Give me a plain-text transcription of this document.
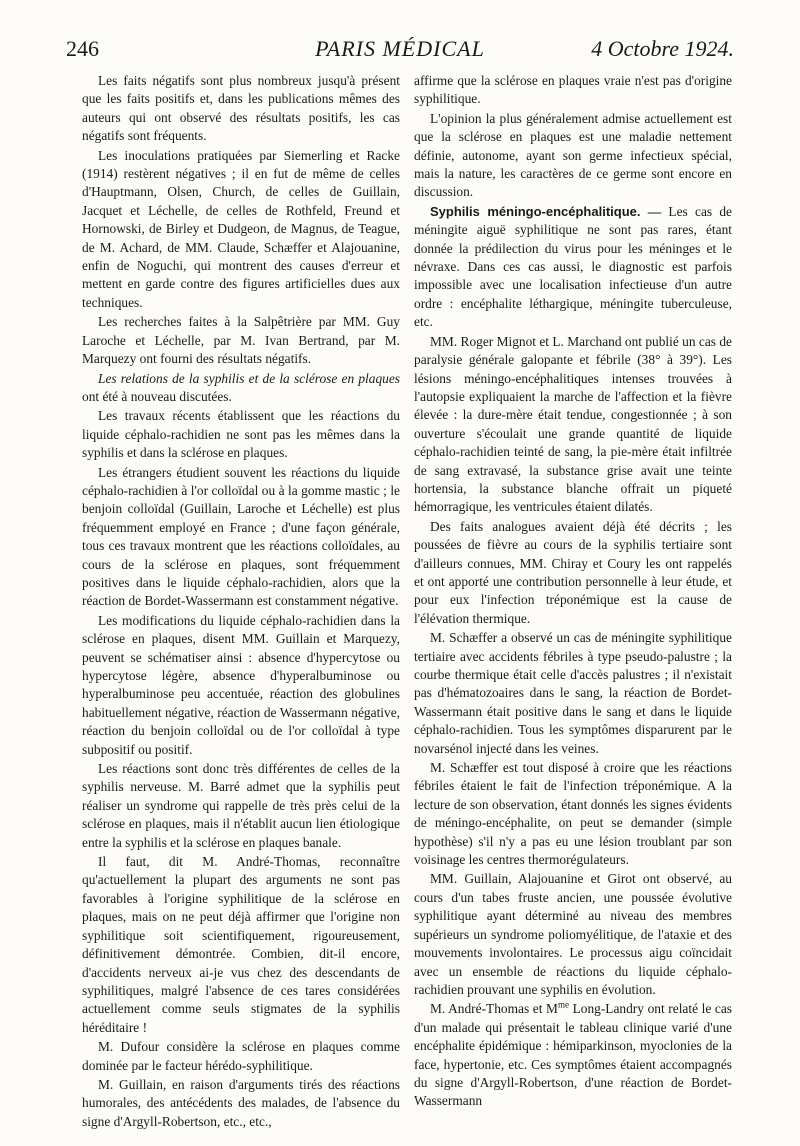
246	PARIS MÉDICAL	4 Octobre 1924.

Les faits négatifs sont plus nombreux jusqu'à présent que les faits positifs et, dans les publications mêmes des auteurs qui ont observé des résultats positifs, les cas négatifs sont fréquents.

Les inoculations pratiquées par Siemerling et Racke (1914) restèrent négatives ; il en fut de même de celles d'Hauptmann, Olsen, Church, de celles de Guillain, Jacquet et Léchelle, de celles de Rothfeld, Freund et Hornowski, de Birley et Dudgeon, de Magnus, de Teague, de M. Achard, de MM. Claude, Schæffer et Alajouanine, enfin de Noguchi, qui montrent des causes d'erreur et mettent en garde contre des figures artificielles dues aux techniques.

Les recherches faites à la Salpêtrière par MM. Guy Laroche et Léchelle, par M. Ivan Bertrand, par M. Marquezy ont fourni des résultats négatifs.

Les relations de la syphilis et de la sclérose en plaques ont été à nouveau discutées.

Les travaux récents établissent que les réactions du liquide céphalo-rachidien ne sont pas les mêmes dans la syphilis et dans la sclérose en plaques.

Les étrangers étudient souvent les réactions du liquide céphalo-rachidien à l'or colloïdal ou à la gomme mastic ; le benjoin colloïdal (Guillain, Laroche et Léchelle) est plus fréquemment employé en France ; d'une façon générale, tous ces travaux montrent que les réactions colloïdales, au cours de la sclérose en plaques, sont fréquemment positives dans le liquide céphalo-rachidien, alors que la réaction de Bordet-Wassermann est constamment négative.

Les modifications du liquide céphalo-rachidien dans la sclérose en plaques, disent MM. Guillain et Marquezy, peuvent se schématiser ainsi : absence d'hypercytose ou hypercytose légère, absence d'hyperalbuminose ou hyperalbuminose peu accentuée, réaction des globulines habituellement négative, réaction de Wassermann négative, réaction du benjoin colloïdal ou de l'or colloïdal à type subpositif ou positif.

Les réactions sont donc très différentes de celles de la syphilis nerveuse. M. Barré admet que la syphilis peut réaliser un syndrome qui rappelle de très près celui de la sclérose en plaques, mais il n'établit aucun lien étiologique entre la syphilis et la sclérose en plaques banale.

Il faut, dit M. André-Thomas, reconnaître qu'actuellement la plupart des arguments ne sont pas favorables à l'origine syphilitique de la sclérose en plaques, mais on ne peut déjà affirmer que l'origine non syphilitique soit scientifiquement, rigoureusement, définitivement démontrée. Combien, dit-il encore, d'accidents nerveux ai-je vus chez des descendants de syphilitiques, malgré l'absence de ces tares considérées actuellement comme seuls stigmates de la syphilis héréditaire !

M. Dufour considère la sclérose en plaques comme dominée par le facteur hérédo-syphilitique.

M. Guillain, en raison d'arguments tirés des réactions humorales, des antécédents des malades, de l'absence du signe d'Argyll-Robertson, etc., etc.,

affirme que la sclérose en plaques vraie n'est pas d'origine syphilitique.

L'opinion la plus généralement admise actuellement est que la sclérose en plaques est une maladie nettement définie, autonome, ayant son germe infectieux spécial, mais la nature, les caractères de ce germe sont encore en discussion.

Syphilis méningo-encéphalitique. — Les cas de méningite aiguë syphilitique ne sont pas rares, étant donnée la prédilection du virus pour les méninges et le névraxe. Dans ces cas aussi, le diagnostic est parfois impossible avec une localisation infectieuse d'un autre ordre : encéphalite léthargique, méningite tuberculeuse, etc.

MM. Roger Mignot et L. Marchand ont publié un cas de paralysie générale galopante et fébrile (38° à 39°). Les lésions méningo-encéphalitiques intenses trouvées à l'autopsie expliquaient la marche de l'affection et la fièvre élevée : la dure-mère était tendue, congestionnée ; à son ouverture s'écoulait une grande quantité de liquide céphalo-rachidien teinté de sang, la pie-mère était infiltrée de sang extravasé, la substance grise avait une teinte hortensia, la substance blanche offrait un piqueté hémorragique, les ventricules étaient dilatés.

Des faits analogues avaient déjà été décrits ; les poussées de fièvre au cours de la syphilis tertiaire sont d'ailleurs connues, MM. Chiray et Coury les ont rappelés et ont apporté une contribution personnelle à leur étude, et pour eux l'infection tréponémique est la cause de l'élévation thermique.

M. Schæffer a observé un cas de méningite syphilitique tertiaire avec accidents fébriles à type pseudo-palustre ; la courbe thermique était celle d'accès palustres ; il n'existait pas d'hématozoaires dans le sang, la réaction de Bordet-Wassermann était positive dans le sang et dans le liquide céphalo-rachidien. Tous les symptômes disparurent par le novarsénol injecté dans les veines.

M. Schæffer est tout disposé à croire que les réactions fébriles étaient le fait de l'infection tréponémique. A la lecture de son observation, étant donnés les signes évidents de méningo-encéphalite, on peut se demander (simple hypothèse) s'il n'y a pas eu une lésion troublant par son voisinage les centres thermorégulateurs.

MM. Guillain, Alajouanine et Girot ont observé, au cours d'un tabes fruste ancien, une poussée évolutive syphilitique ayant déterminé au niveau des membres supérieurs un syndrome poliomyélitique, de l'ataxie et des mouvements involontaires. Le processus aigu coïncidait avec un ensemble de réactions du liquide céphalo-rachidien prouvant une syphilis en évolution.

M. André-Thomas et $M^{me}$ Long-Landry ont relaté le cas d'un malade qui présentait le tableau clinique varié d'une encéphalite épidémique : hémiparkinson, myoclonies de la face, hypertonie, etc. Ces symptômes étaient accompagnés du signe d'Argyll-Robertson, d'une réaction de Bordet-Wassermann
